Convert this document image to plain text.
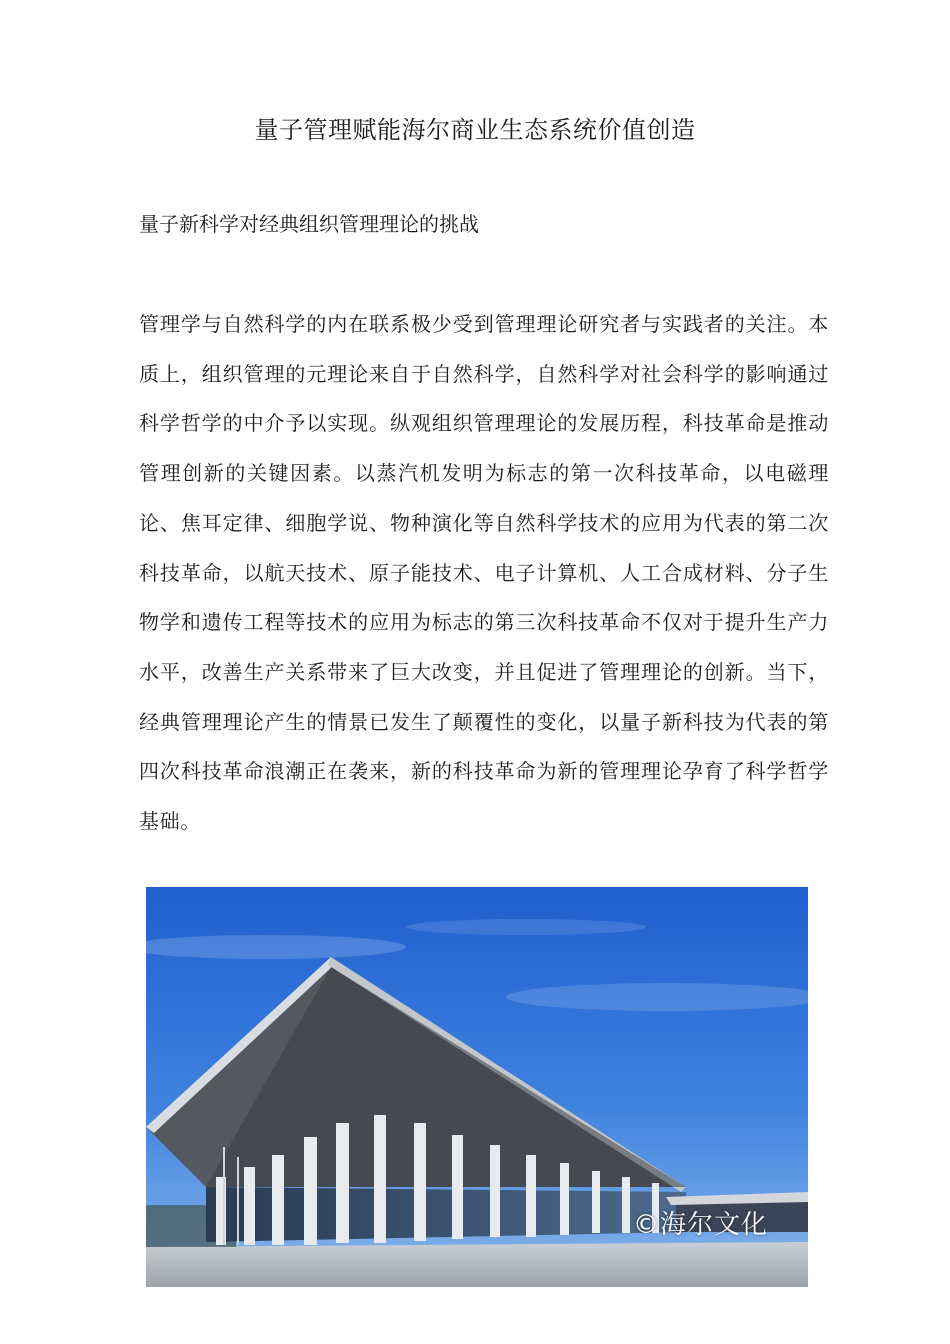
量子管理赋能海尔商业生态系统价值创造
量子新科学对经典组织管理理论的挑战

管理学与自然科学的内在联系极少受到管理理论研究者与实践者的关注。本质上，组织管理的元理论来自于自然科学，自然科学对社会科学的影响通过科学哲学的中介予以实现。纵观组织管理理论的发展历程，科技革命是推动管理创新的关键因素。以蒸汽机发明为标志的第一次科技革命，以电磁理论、焦耳定律、细胞学说、物种演化等自然科学技术的应用为代表的第二次科技革命，以航天技术、原子能技术、电子计算机、人工合成材料、分子生物学和遗传工程等技术的应用为标志的第三次科技革命不仅对于提升生产力水平，改善生产关系带来了巨大改变，并且促进了管理理论的创新。当下，经典管理理论产生的情景已发生了颠覆性的变化，以量子新科技为代表的第四次科技革命浪潮正在袭来，新的科技革命为新的管理理论孕育了科学哲学基础。

©海尔文化
